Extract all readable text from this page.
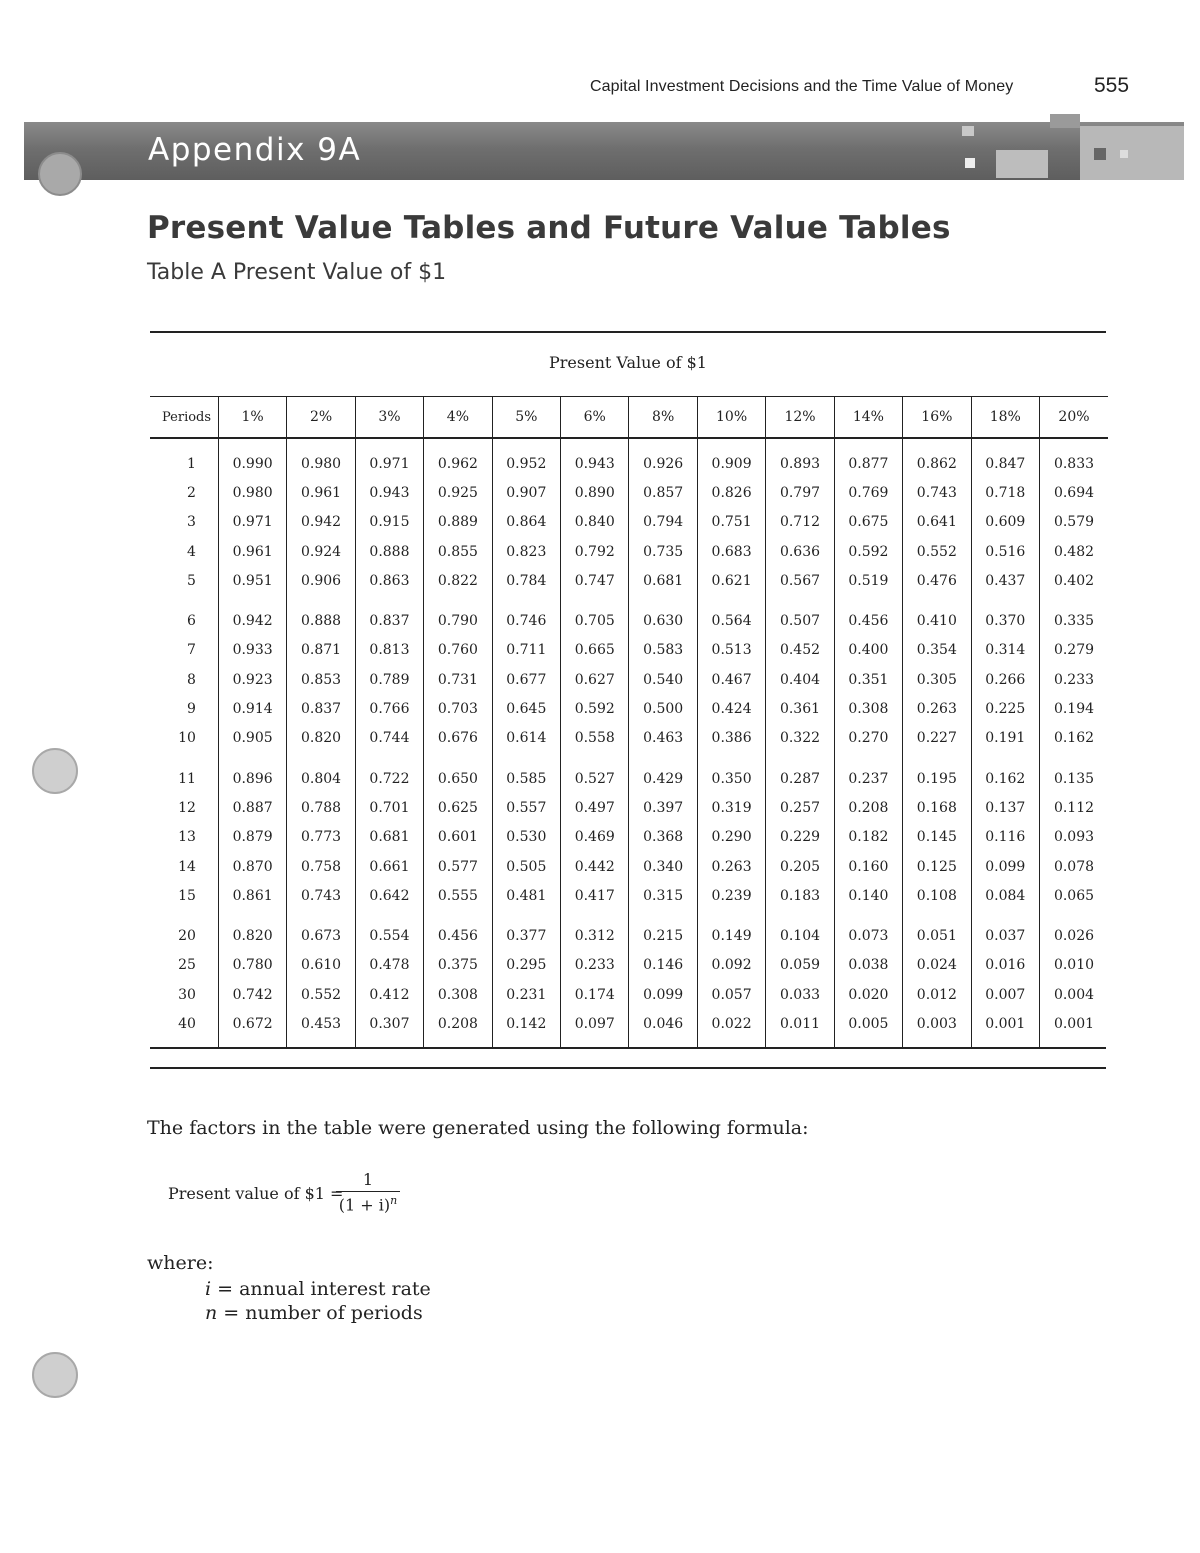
Capital Investment Decisions and the Time Value of Money	555
Appendix 9A
Present Value Tables and Future Value Tables
Table A Present Value of $1
Present Value of $1
Periods	1%	2%	3%	4%	5%	6%	8%	10%	12%	14%	16%	18%	20%
1	0.990	0.980	0.971	0.962	0.952	0.943	0.926	0.909	0.893	0.877	0.862	0.847	0.833
2	0.980	0.961	0.943	0.925	0.907	0.890	0.857	0.826	0.797	0.769	0.743	0.718	0.694
3	0.971	0.942	0.915	0.889	0.864	0.840	0.794	0.751	0.712	0.675	0.641	0.609	0.579
4	0.961	0.924	0.888	0.855	0.823	0.792	0.735	0.683	0.636	0.592	0.552	0.516	0.482
5	0.951	0.906	0.863	0.822	0.784	0.747	0.681	0.621	0.567	0.519	0.476	0.437	0.402
6	0.942	0.888	0.837	0.790	0.746	0.705	0.630	0.564	0.507	0.456	0.410	0.370	0.335
7	0.933	0.871	0.813	0.760	0.711	0.665	0.583	0.513	0.452	0.400	0.354	0.314	0.279
8	0.923	0.853	0.789	0.731	0.677	0.627	0.540	0.467	0.404	0.351	0.305	0.266	0.233
9	0.914	0.837	0.766	0.703	0.645	0.592	0.500	0.424	0.361	0.308	0.263	0.225	0.194
10	0.905	0.820	0.744	0.676	0.614	0.558	0.463	0.386	0.322	0.270	0.227	0.191	0.162
11	0.896	0.804	0.722	0.650	0.585	0.527	0.429	0.350	0.287	0.237	0.195	0.162	0.135
12	0.887	0.788	0.701	0.625	0.557	0.497	0.397	0.319	0.257	0.208	0.168	0.137	0.112
13	0.879	0.773	0.681	0.601	0.530	0.469	0.368	0.290	0.229	0.182	0.145	0.116	0.093
14	0.870	0.758	0.661	0.577	0.505	0.442	0.340	0.263	0.205	0.160	0.125	0.099	0.078
15	0.861	0.743	0.642	0.555	0.481	0.417	0.315	0.239	0.183	0.140	0.108	0.084	0.065
20	0.820	0.673	0.554	0.456	0.377	0.312	0.215	0.149	0.104	0.073	0.051	0.037	0.026
25	0.780	0.610	0.478	0.375	0.295	0.233	0.146	0.092	0.059	0.038	0.024	0.016	0.010
30	0.742	0.552	0.412	0.308	0.231	0.174	0.099	0.057	0.033	0.020	0.012	0.007	0.004
40	0.672	0.453	0.307	0.208	0.142	0.097	0.046	0.022	0.011	0.005	0.003	0.001	0.001
The factors in the table were generated using the following formula:
Present value of $1 =
$\frac{1}{(1 + i)^n}$
where:
i = annual interest rate
n = number of periods
